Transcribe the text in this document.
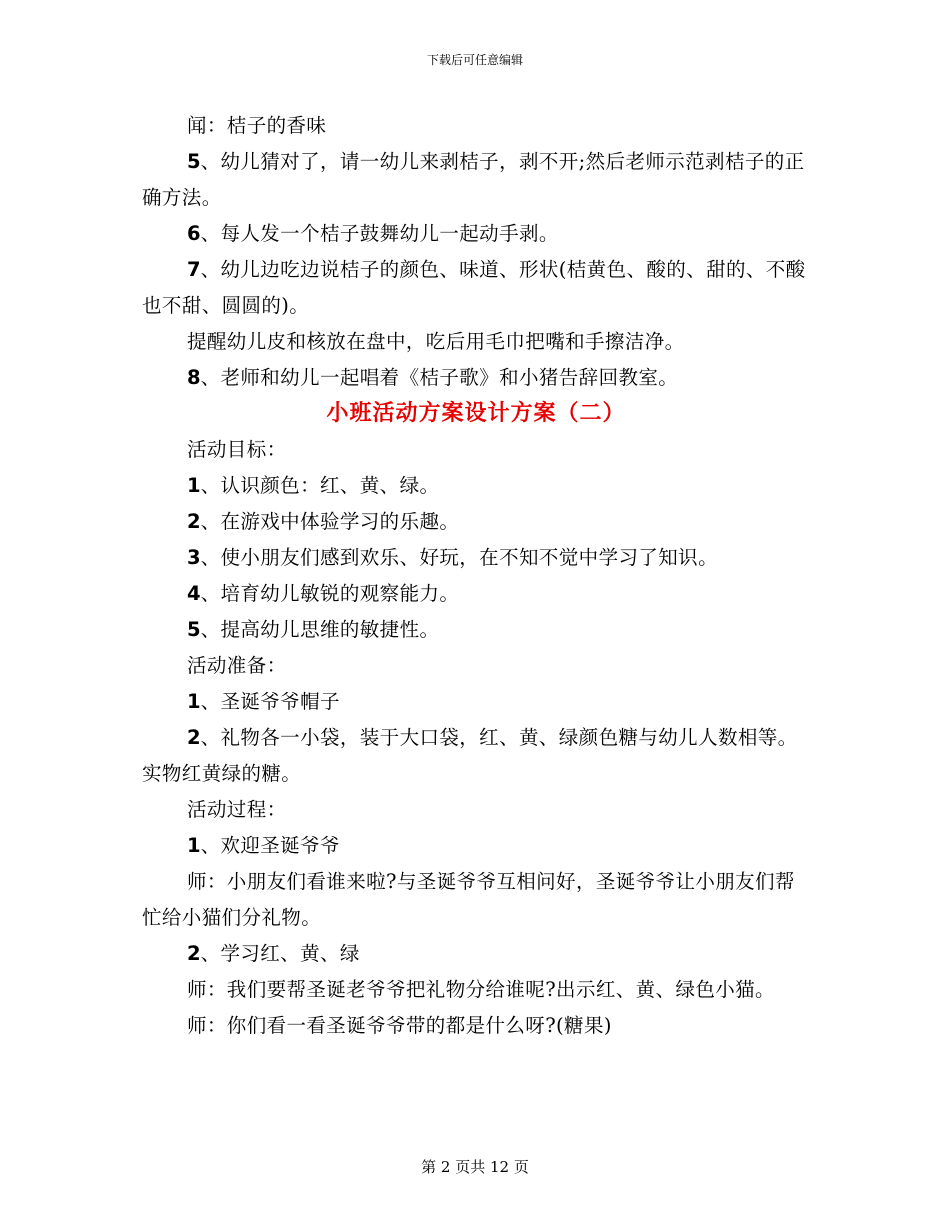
下载后可任意编辑

闻：桔子的香味

5、幼儿猜对了，请一幼儿来剥桔子，剥不开;然后老师示范剥桔子的正确方法。

6、每人发一个桔子鼓舞幼儿一起动手剥。

7、幼儿边吃边说桔子的颜色、味道、形状(桔黄色、酸的、甜的、不酸也不甜、圆圆的)。

提醒幼儿皮和核放在盘中，吃后用毛巾把嘴和手擦洁净。

8、老师和幼儿一起唱着《桔子歌》和小猪告辞回教室。

小班活动方案设计方案（二）

活动目标：

1、认识颜色：红、黄、绿。

2、在游戏中体验学习的乐趣。

3、使小朋友们感到欢乐、好玩，在不知不觉中学习了知识。

4、培育幼儿敏锐的观察能力。

5、提高幼儿思维的敏捷性。

活动准备：

1、圣诞爷爷帽子

2、礼物各一小袋，装于大口袋，红、黄、绿颜色糖与幼儿人数相等。实物红黄绿的糖。

活动过程：

1、欢迎圣诞爷爷

师：小朋友们看谁来啦?与圣诞爷爷互相问好，圣诞爷爷让小朋友们帮忙给小猫们分礼物。

2、学习红、黄、绿

师：我们要帮圣诞老爷爷把礼物分给谁呢?出示红、黄、绿色小猫。

师：你们看一看圣诞爷爷带的都是什么呀?(糖果)

第 2 页共 12 页
